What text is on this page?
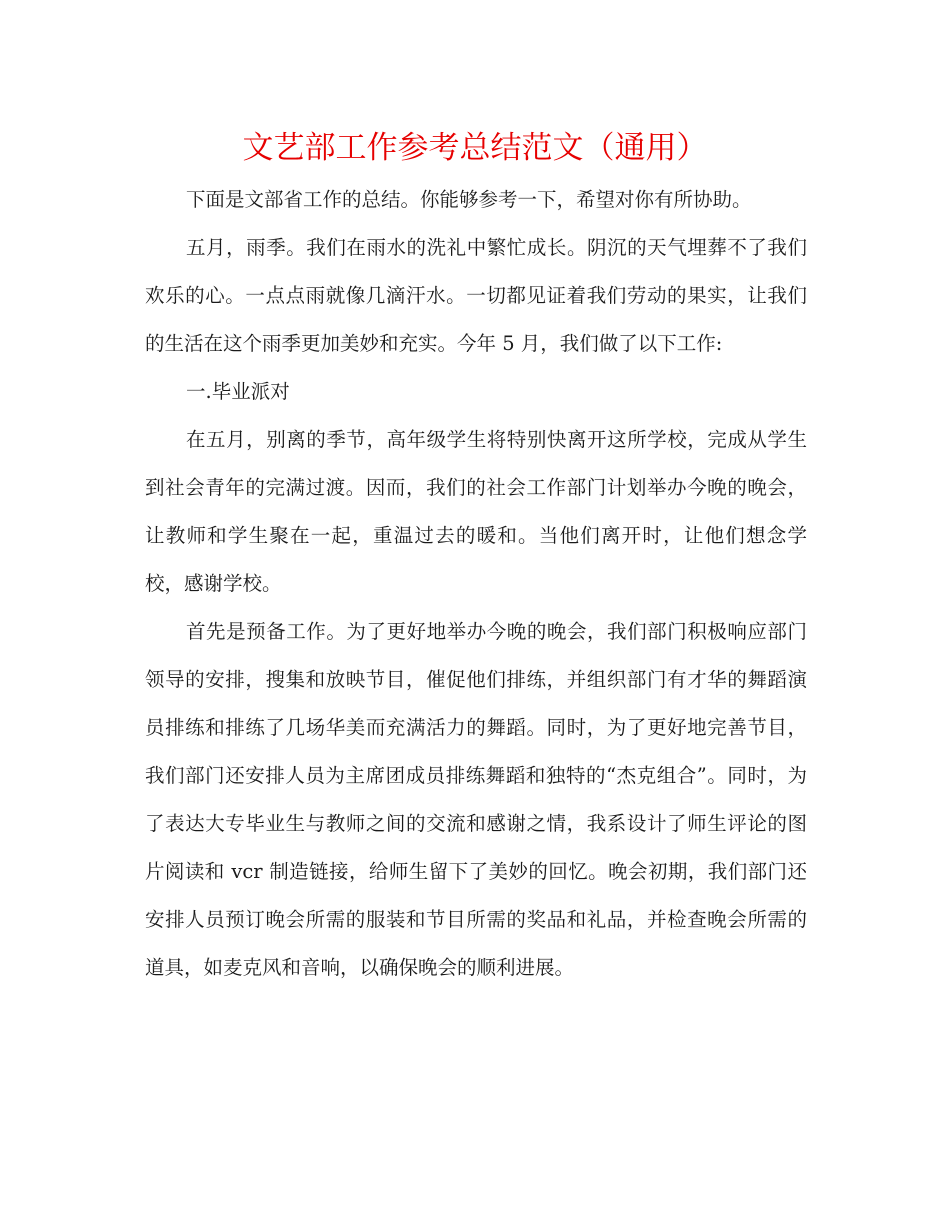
文艺部工作参考总结范文（通用）

下面是文部省工作的总结。你能够参考一下，希望对你有所协助。

五月，雨季。我们在雨水的洗礼中繁忙成长。阴沉的天气埋葬不了我们欢乐的心。一点点雨就像几滴汗水。一切都见证着我们劳动的果实，让我们的生活在这个雨季更加美妙和充实。今年 5 月，我们做了以下工作:

一.毕业派对

在五月，别离的季节，高年级学生将特别快离开这所学校，完成从学生到社会青年的完满过渡。因而，我们的社会工作部门计划举办今晚的晚会，让教师和学生聚在一起，重温过去的暖和。当他们离开时，让他们想念学校，感谢学校。

首先是预备工作。为了更好地举办今晚的晚会，我们部门积极响应部门领导的安排，搜集和放映节目，催促他们排练，并组织部门有才华的舞蹈演员排练和排练了几场华美而充满活力的舞蹈。同时，为了更好地完善节目，我们部门还安排人员为主席团成员排练舞蹈和独特的“杰克组合”。同时，为了表达大专毕业生与教师之间的交流和感谢之情，我系设计了师生评论的图片阅读和 vcr 制造链接，给师生留下了美妙的回忆。晚会初期，我们部门还安排人员预订晚会所需的服装和节目所需的奖品和礼品，并检查晚会所需的道具，如麦克风和音响，以确保晚会的顺利进展。
